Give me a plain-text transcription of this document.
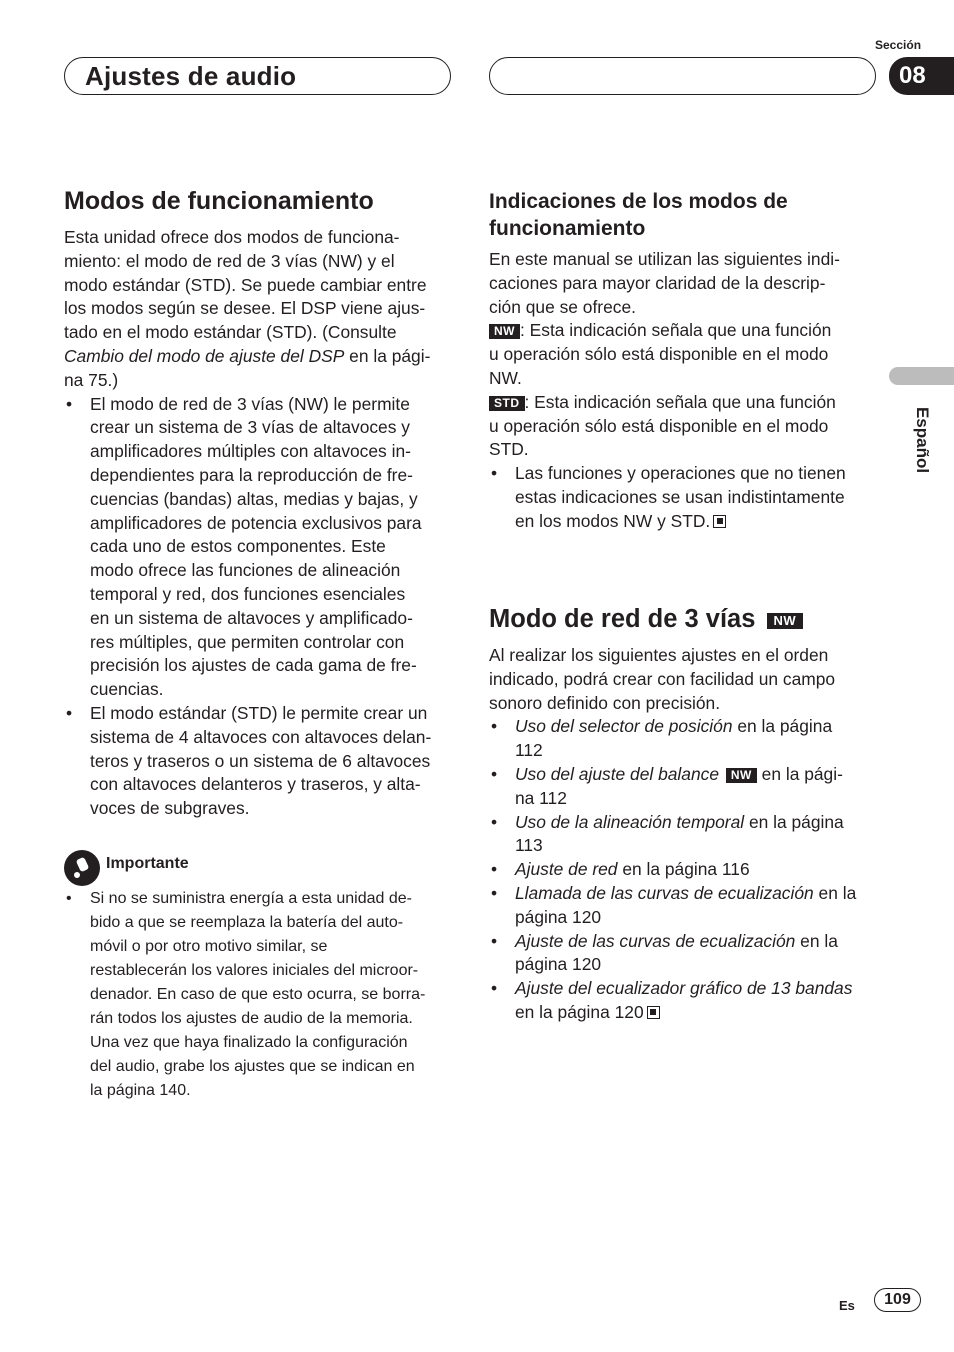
Ajustes de audio
Sección
08
Español
Modos de funcionamiento

Esta unidad ofrece dos modos de funciona-
miento: el modo de red de 3 vías (NW) y el
modo estándar (STD). Se puede cambiar entre
los modos según se desee. El DSP viene ajus-
tado en el modo estándar (STD). (Consulte
Cambio del modo de ajuste del DSP en la pági-
na 75.)

• El modo de red de 3 vías (NW) le permite
crear un sistema de 3 vías de altavoces y
amplificadores múltiples con altavoces in-
dependientes para la reproducción de fre-
cuencias (bandas) altas, medias y bajas, y
amplificadores de potencia exclusivos para
cada uno de estos componentes. Este
modo ofrece las funciones de alineación
temporal y red, dos funciones esenciales
en un sistema de altavoces y amplificado-
res múltiples, que permiten controlar con
precisión los ajustes de cada gama de fre-
cuencias.
• El modo estándar (STD) le permite crear un
sistema de 4 altavoces con altavoces delan-
teros y traseros o un sistema de 6 altavoces
con altavoces delanteros y traseros, y alta-
voces de subgraves.
Importante
• Si no se suministra energía a esta unidad de-
bido a que se reemplaza la batería del auto-
móvil o por otro motivo similar, se
restablecerán los valores iniciales del microor-
denador. En caso de que esto ocurra, se borra-
rán todos los ajustes de audio de la memoria.
Una vez que haya finalizado la configuración
del audio, grabe los ajustes que se indican en
la página 140.
Indicaciones de los modos de
funcionamiento

En este manual se utilizan las siguientes indi-
caciones para mayor claridad de la descrip-
ción que se ofrece.

NW : Esta indicación señala que una función
u operación sólo está disponible en el modo
NW.

STD : Esta indicación señala que una función
u operación sólo está disponible en el modo
STD.

• Las funciones y operaciones que no tienen
estas indicaciones se usan indistintamente
en los modos NW y STD.
Modo de red de 3 vías NW

Al realizar los siguientes ajustes en el orden
indicado, podrá crear con facilidad un campo
sonoro definido con precisión.

• Uso del selector de posición en la página
112
• Uso del ajuste del balance NW en la pági-
na 112
• Uso de la alineación temporal en la página
113
• Ajuste de red en la página 116
• Llamada de las curvas de ecualización en la
página 120
• Ajuste de las curvas de ecualización en la
página 120
• Ajuste del ecualizador gráfico de 13 bandas
en la página 120
Es	109
